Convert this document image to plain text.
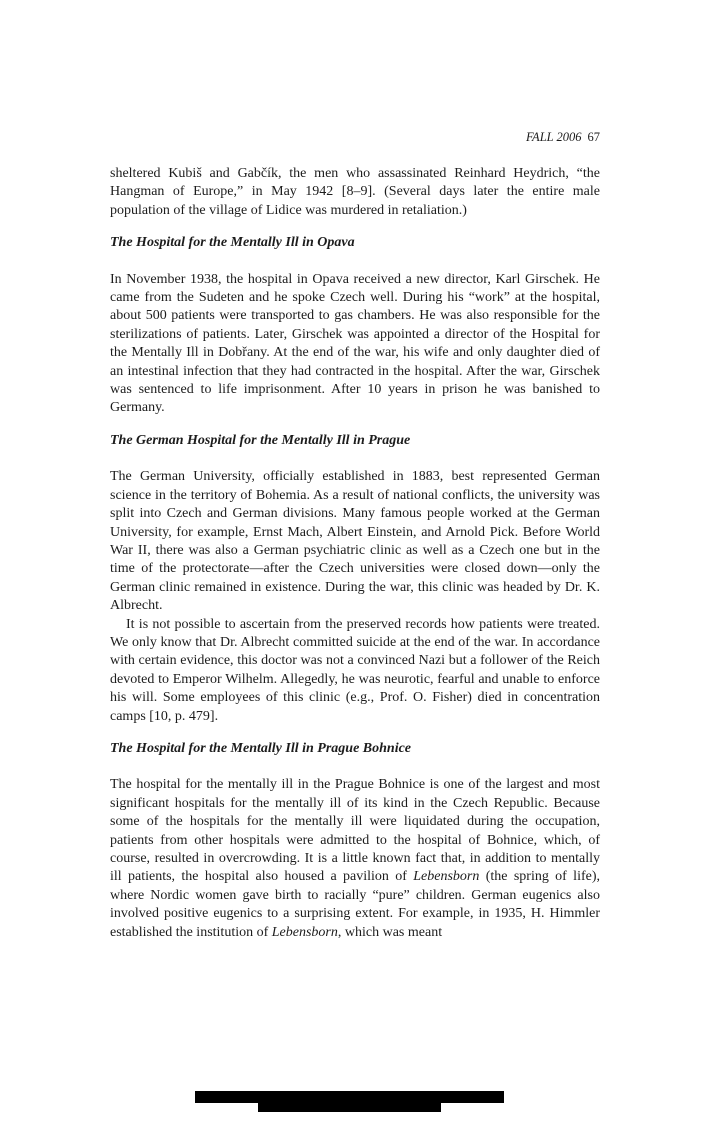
FALL 2006 67

sheltered Kubiš and Gabčík, the men who assassinated Reinhard Heydrich, “the Hangman of Europe,” in May 1942 [8–9]. (Several days later the entire male population of the village of Lidice was murdered in retaliation.)

The Hospital for the Mentally Ill in Opava

In November 1938, the hospital in Opava received a new director, Karl Girschek. He came from the Sudeten and he spoke Czech well. During his “work” at the hospital, about 500 patients were transported to gas chambers. He was also responsible for the sterilizations of patients. Later, Girschek was appointed a director of the Hospital for the Mentally Ill in Dobřany. At the end of the war, his wife and only daughter died of an intestinal infection that they had contracted in the hospital. After the war, Girschek was sentenced to life imprisonment. After 10 years in prison he was banished to Germany.

The German Hospital for the Mentally Ill in Prague

The German University, officially established in 1883, best represented German science in the territory of Bohemia. As a result of national conflicts, the university was split into Czech and German divisions. Many famous people worked at the German University, for example, Ernst Mach, Albert Einstein, and Arnold Pick. Before World War II, there was also a German psychiatric clinic as well as a Czech one but in the time of the protectorate—after the Czech universities were closed down—only the German clinic remained in existence. During the war, this clinic was headed by Dr. K. Albrecht.

It is not possible to ascertain from the preserved records how patients were treated. We only know that Dr. Albrecht committed suicide at the end of the war. In accordance with certain evidence, this doctor was not a convinced Nazi but a follower of the Reich devoted to Emperor Wilhelm. Allegedly, he was neurotic, fearful and unable to enforce his will. Some employees of this clinic (e.g., Prof. O. Fisher) died in concentration camps [10, p. 479].

The Hospital for the Mentally Ill in Prague Bohnice

The hospital for the mentally ill in the Prague Bohnice is one of the largest and most significant hospitals for the mentally ill of its kind in the Czech Republic. Because some of the hospitals for the mentally ill were liquidated during the occupation, patients from other hospitals were admitted to the hospital of Bohnice, which, of course, resulted in overcrowding. It is a little known fact that, in addition to mentally ill patients, the hospital also housed a pavilion of Lebensborn (the spring of life), where Nordic women gave birth to racially “pure” children. German eugenics also involved positive eugenics to a surprising extent. For example, in 1935, H. Himmler established the institution of Lebensborn, which was meant
